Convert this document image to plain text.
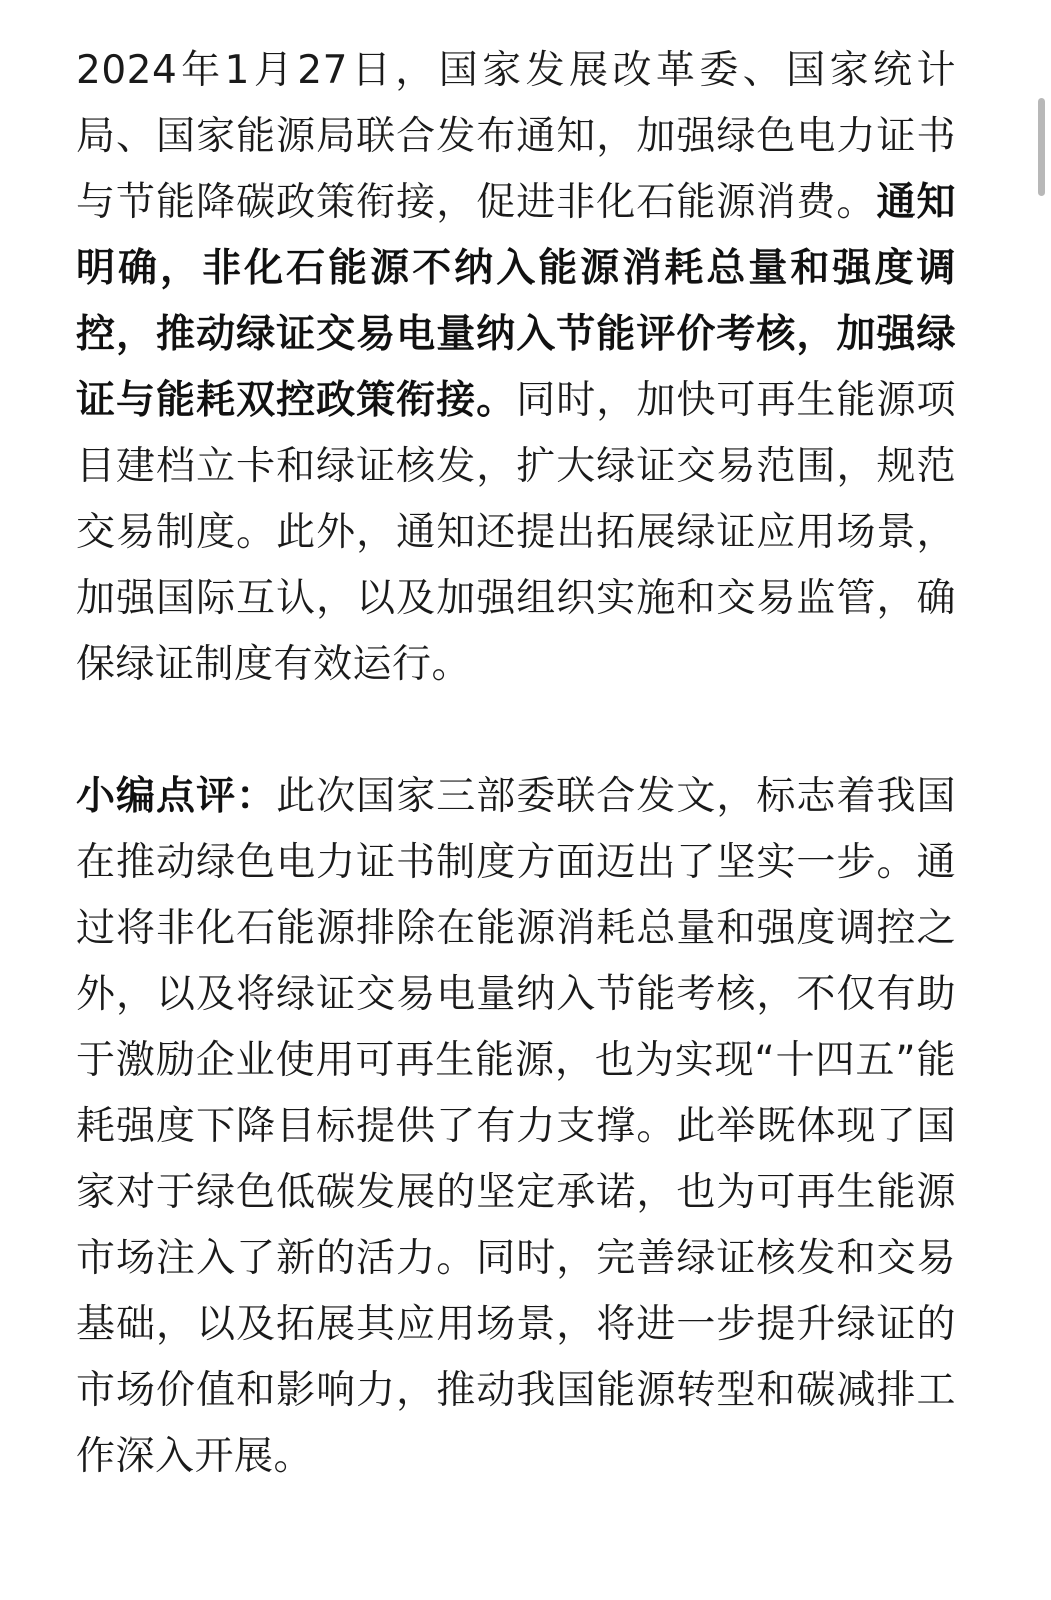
2024年1月27日，国家发展改革委、国家统计局、国家能源局联合发布通知，加强绿色电力证书与节能降碳政策衔接，促进非化石能源消费。通知明确，非化石能源不纳入能源消耗总量和强度调控，推动绿证交易电量纳入节能评价考核，加强绿证与能耗双控政策衔接。同时，加快可再生能源项目建档立卡和绿证核发，扩大绿证交易范围，规范交易制度。此外，通知还提出拓展绿证应用场景，加强国际互认，以及加强组织实施和交易监管，确保绿证制度有效运行。

小编点评：此次国家三部委联合发文，标志着我国在推动绿色电力证书制度方面迈出了坚实一步。通过将非化石能源排除在能源消耗总量和强度调控之外，以及将绿证交易电量纳入节能考核，不仅有助于激励企业使用可再生能源，也为实现“十四五”能耗强度下降目标提供了有力支撑。此举既体现了国家对于绿色低碳发展的坚定承诺，也为可再生能源市场注入了新的活力。同时，完善绿证核发和交易基础，以及拓展其应用场景，将进一步提升绿证的市场价值和影响力，推动我国能源转型和碳减排工作深入开展。
